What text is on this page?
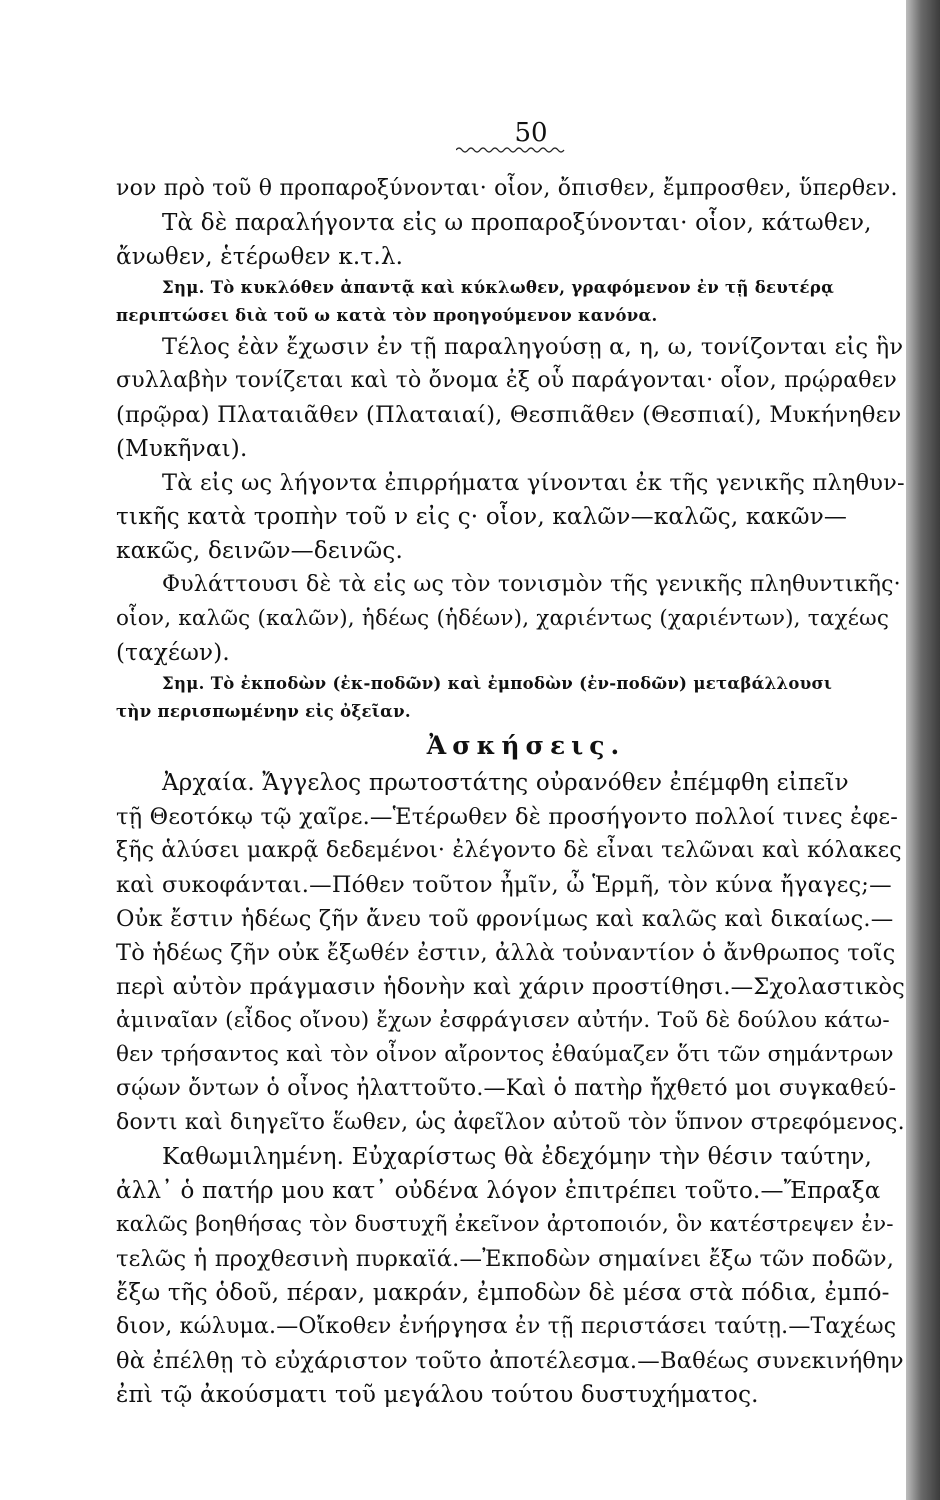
50
νον πρὸ τοῦ θ προπαροξύνονται· οἷον, ὄπισθεν, ἔμπροσθεν, ὕπερθεν.
Τὰ δὲ παραλήγοντα εἰς ω προπαροξύνονται· οἷον, κάτωθεν,
ἄνωθεν, ἑτέρωθεν κ.τ.λ.
Σημ. Τὸ κυκλόθεν ἀπαντᾷ καὶ κύκλωθεν, γραφόμενον ἐν τῇ δευτέρᾳ
περιπτώσει διὰ τοῦ ω κατὰ τὸν προηγούμενον κανόνα.
Τέλος ἐὰν ἔχωσιν ἐν τῇ παραληγούσῃ α, η, ω, τονίζονται εἰς ἣν
συλλαβὴν τονίζεται καὶ τὸ ὄνομα ἐξ οὗ παράγονται· οἷον, πρῴραθεν
(πρῷρα) Πλαταιᾶθεν (Πλαταιαί), Θεσπιᾶθεν (Θεσπιαί), Μυκήνηθεν
(Μυκῆναι).
Τὰ εἰς ως λήγοντα ἐπιρρήματα γίνονται ἐκ τῆς γενικῆς πληθυν-
τικῆς κατὰ τροπὴν τοῦ ν εἰς ς· οἷον, καλῶν—καλῶς, κακῶν—
κακῶς, δεινῶν—δεινῶς.
Φυλάττουσι δὲ τὰ εἰς ως τὸν τονισμὸν τῆς γενικῆς πληθυντικῆς·
οἷον, καλῶς (καλῶν), ἡδέως (ἡδέων), χαριέντως (χαριέντων), ταχέως
(ταχέων).
Σημ. Τὸ ἐκποδὼν (ἐκ-ποδῶν) καὶ ἐμποδὼν (ἐν-ποδῶν) μεταβάλλουσι
τὴν περισπωμένην εἰς ὀξεῖαν.
Ἀσκήσεις.
Ἀρχαία. Ἄγγελος πρωτοστάτης οὐρανόθεν ἐπέμφθη εἰπεῖν
τῇ Θεοτόκῳ τῷ χαῖρε.—Ἑτέρωθεν δὲ προσήγοντο πολλοί τινες ἐφε-
ξῆς ἁλύσει μακρᾷ δεδεμένοι· ἐλέγοντο δὲ εἶναι τελῶναι καὶ κόλακες
καὶ συκοφάνται.—Πόθεν τοῦτον ἦμῖν, ὦ Ἑρμῆ, τὸν κύνα ἤγαγες;—
Οὐκ ἔστιν ἡδέως ζῆν ἄνευ τοῦ φρονίμως καὶ καλῶς καὶ δικαίως.—
Τὸ ἡδέως ζῆν οὐκ ἔξωθέν ἐστιν, ἀλλὰ τοὐναντίον ὁ ἄνθρωπος τοῖς
περὶ αὐτὸν πράγμασιν ἡδονὴν καὶ χάριν προστίθησι.—Σχολαστικὸς
ἀμιναῖαν (εἶδος οἴνου) ἔχων ἐσφράγισεν αὐτήν. Τοῦ δὲ δούλου κάτω-
θεν τρήσαντος καὶ τὸν οἶνον αἴροντος ἐθαύμαζεν ὅτι τῶν σημάντρων
σῴων ὄντων ὁ οἶνος ἠλαττοῦτο.—Καὶ ὁ πατὴρ ἤχθετό μοι συγκαθεύ-
δοντι καὶ διηγεῖτο ἕωθεν, ὡς ἀφεῖλον αὐτοῦ τὸν ὕπνον στρεφόμενος.
Καθωμιλημένη. Εὐχαρίστως θὰ ἐδεχόμην τὴν θέσιν ταύτην,
ἀλλ᾿ ὁ πατήρ μου κατ᾿ οὐδένα λόγον ἐπιτρέπει τοῦτο.—Ἔπραξα
καλῶς βοηθήσας τὸν δυστυχῆ ἐκεῖνον ἀρτοποιόν, ὃν κατέστρεψεν ἐν-
τελῶς ἡ προχθεσινὴ πυρκαϊά.—Ἐκποδὼν σημαίνει ἔξω τῶν ποδῶν,
ἔξω τῆς ὁδοῦ, πέραν, μακράν, ἐμποδὼν δὲ μέσα στὰ πόδια, ἐμπό-
διον, κώλυμα.—Οἴκοθεν ἐνήργησα ἐν τῇ περιστάσει ταύτῃ.—Ταχέως
θὰ ἐπέλθῃ τὸ εὐχάριστον τοῦτο ἀποτέλεσμα.—Βαθέως συνεκινήθην
ἐπὶ τῷ ἀκούσματι τοῦ μεγάλου τούτου δυστυχήματος.
